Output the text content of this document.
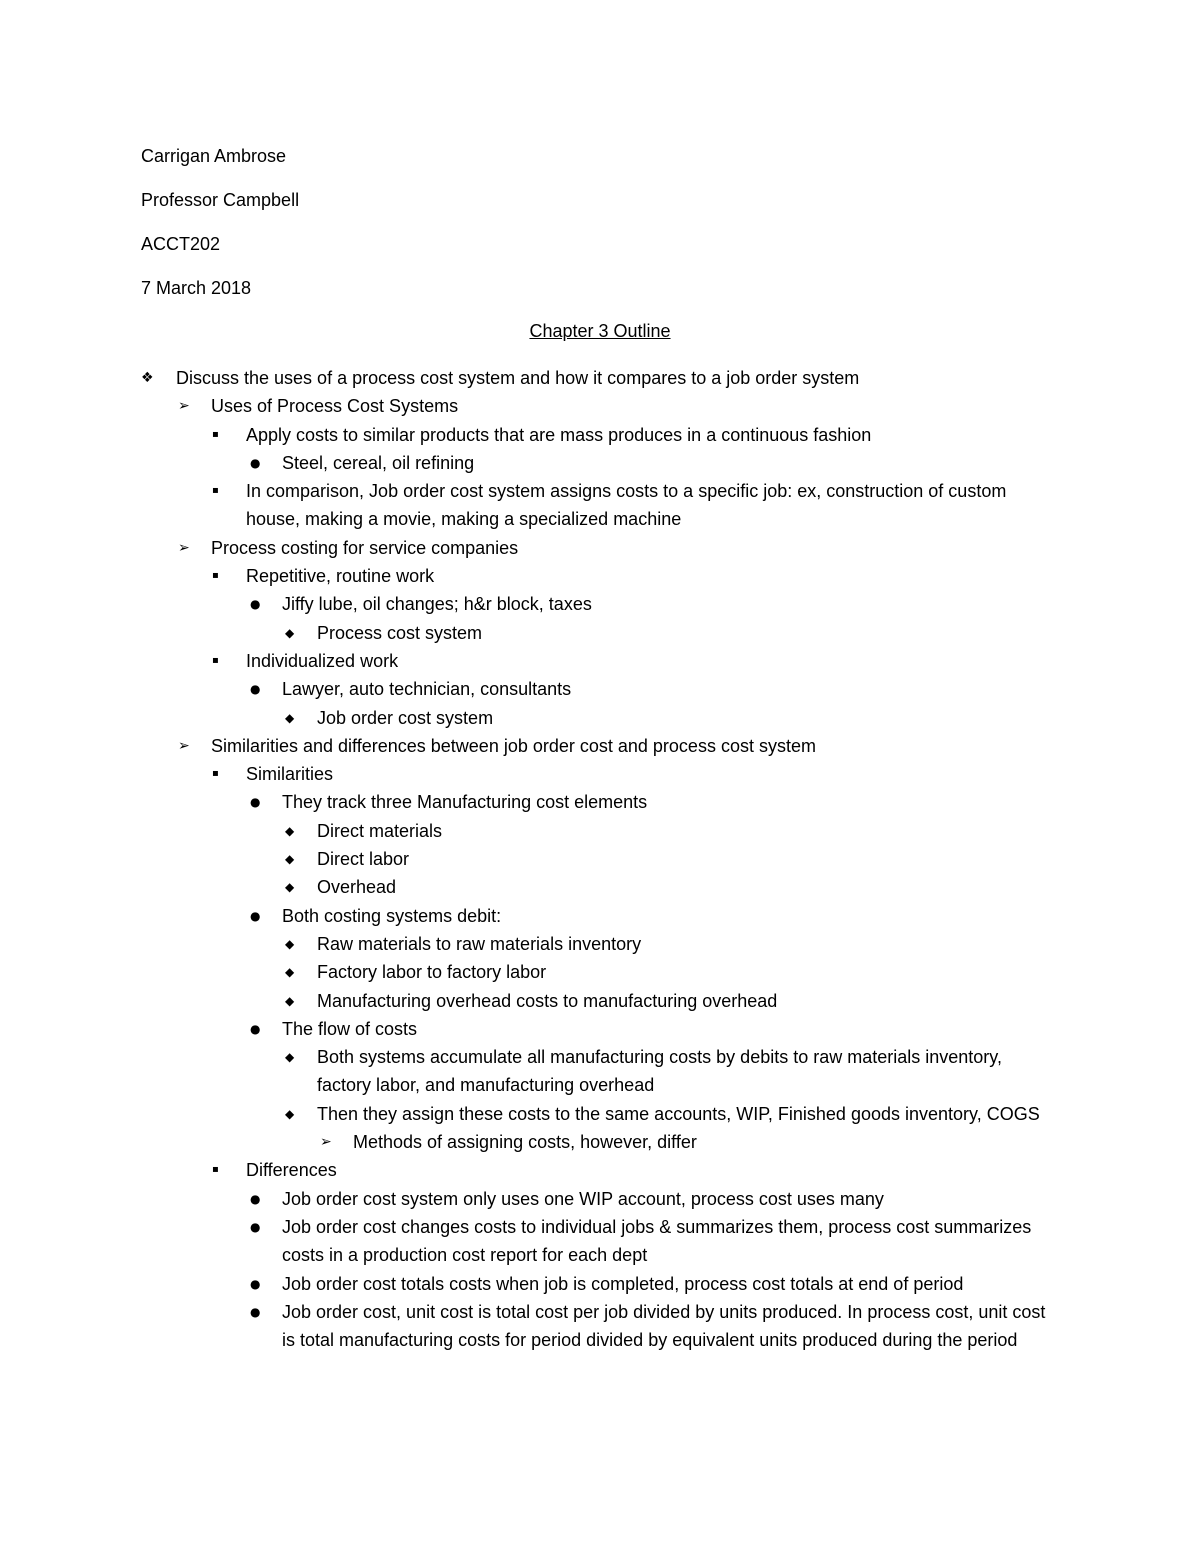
Carrigan Ambrose
Professor Campbell
ACCT202
7 March 2018
Chapter 3 Outline
❖	Discuss the uses of a process cost system and how it compares to a job order system
➢	Uses of Process Cost Systems
▪	Apply costs to similar products that are mass produces in a continuous fashion
●	Steel, cereal, oil refining
▪	In comparison, Job order cost system assigns costs to a specific job: ex, construction of custom house, making a movie, making a specialized machine
➢	Process costing for service companies
▪	Repetitive, routine work
●	Jiffy lube, oil changes; h&r block, taxes
◆	Process cost system
▪	Individualized work
●	Lawyer, auto technician, consultants
◆	Job order cost system
➢	Similarities and differences between job order cost and process cost system
▪	Similarities
●	They track three Manufacturing cost elements
◆	Direct materials
◆	Direct labor
◆	Overhead
●	Both costing systems debit:
◆	Raw materials to raw materials inventory
◆	Factory labor to factory labor
◆	Manufacturing overhead costs to manufacturing overhead
●	The flow of costs
◆	Both systems accumulate all manufacturing costs by debits to raw materials inventory, factory labor, and manufacturing overhead
◆	Then they assign these costs to the same accounts, WIP, Finished goods inventory, COGS
➢	Methods of assigning costs, however, differ
▪	Differences
●	Job order cost system only uses one WIP account, process cost uses many
●	Job order cost changes costs to individual jobs & summarizes them, process cost summarizes costs in a production cost report for each dept
●	Job order cost totals costs when job is completed, process cost totals at end of period
●	Job order cost, unit cost is total cost per job divided by units produced. In process cost, unit cost is total manufacturing costs for period divided by equivalent units produced during the period
